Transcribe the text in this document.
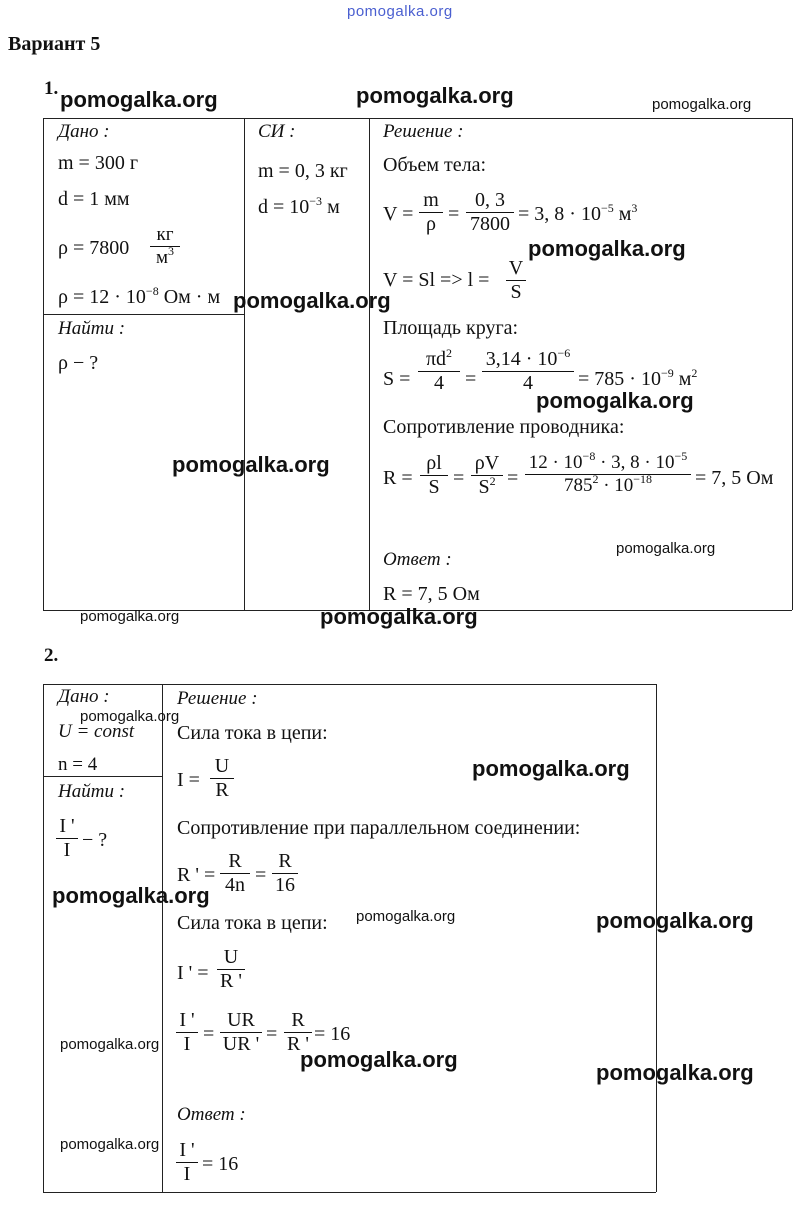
pomogalka.org
Вариант 5
1.
Дано :
m = 300 г
d = 1 мм
ρ = 7800
кг
$м^3$
$\rho = 12 \cdot 10^{-8}$ Ом · м
Найти :
ρ − ?
СИ :
m = 0, 3 кг
$d = 10^{-3}$ м
Решение :
Объем тела:
$V = \frac{m}{\rho} = \frac{0, 3}{7800} = 3$, $8 \cdot 10^{-5}$ $м^3$
$V = Sl => l = \frac{V}{S}$
Площадь круга:
$S = \frac{\pi d^2}{4} = \frac{3,14 \cdot 10^{-6}}{4} = 785 \cdot 10^{-9}$ $м^2$
Сопротивление проводника:
$R = \frac{\rho l}{S} = \frac{\rho V}{S^2} = \frac{12 \cdot 10^{-8} \cdot 3, 8 \cdot 10^{-5}}{785^2 \cdot 10^{-18}} = 7$, 5 Ом
Ответ :
R = 7, 5 Ом
2.
Дано :
U = const
n = 4
Найти :
$\frac{I '}{I}$ − ?
Решение :
Сила тока в цепи:
$I = \frac{U}{R}$
Сопротивление при параллельном соединении:
R ' = $\frac{R}{4n} = \frac{R}{16}$
Сила тока в цепи:
I ' = $\frac{U}{R '}$
$\frac{I '}{I} = \frac{UR}{UR '} = \frac{R}{R '} = 16$
Ответ :
$\frac{I '}{I} = 16$
pomogalka.org	pomogalka.org	pomogalka.org
pomogalka.org
pomogalka.org
pomogalka.org
pomogalka.org
pomogalka.org
pomogalka.org	pomogalka.org
pomogalka.org
pomogalka.org
pomogalka.org
pomogalka.org	pomogalka.org
pomogalka.org
pomogalka.org
pomogalka.org
pomogalka.org
